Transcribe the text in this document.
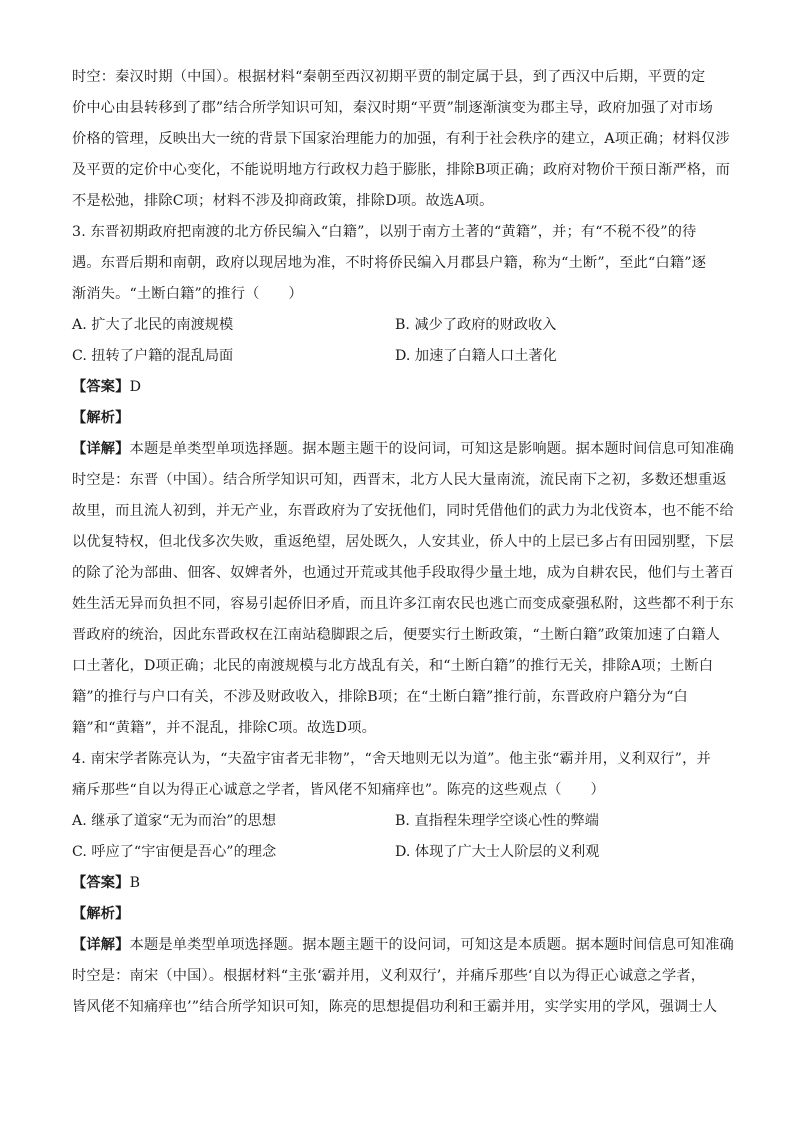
时空：秦汉时期（中国）。根据材料“秦朝至西汉初期平贾的制定属于县，到了西汉中后期，平贾的定
价中心由县转移到了郡”结合所学知识可知，秦汉时期“平贾”制逐渐演变为郡主导，政府加强了对市场
价格的管理，反映出大一统的背景下国家治理能力的加强，有利于社会秩序的建立，A项正确；材料仅涉
及平贾的定价中心变化，不能说明地方行政权力趋于膨胀，排除B项正确；政府对物价干预日渐严格，而
不是松弛，排除C项；材料不涉及抑商政策，排除D项。故选A项。
3. 东晋初期政府把南渡的北方侨民编入“白籍”，以别于南方土著的“黄籍”，并；有“不税不役”的待
遇。东晋后期和南朝，政府以现居地为准，不时将侨民编入月郡县户籍，称为“土断”，至此“白籍”逐
渐消失。“土断白籍”的推行（　　）
A. 扩大了北民的南渡规模	B. 减少了政府的财政收入
C. 扭转了户籍的混乱局面	D. 加速了白籍人口土著化
【答案】D
【解析】
【详解】本题是单类型单项选择题。据本题主题干的设问词，可知这是影响题。据本题时间信息可知准确
时空是：东晋（中国）。结合所学知识可知，西晋末，北方人民大量南流，流民南下之初，多数还想重返
故里，而且流人初到，并无产业，东晋政府为了安抚他们，同时凭借他们的武力为北伐资本，也不能不给
以优复特权，但北伐多次失败，重返绝望，居处既久，人安其业，侨人中的上层已多占有田园别墅，下层
的除了沦为部曲、佃客、奴婢者外，也通过开荒或其他手段取得少量土地，成为自耕农民，他们与土著百
姓生活无异而负担不同，容易引起侨旧矛盾，而且许多江南农民也逃亡而变成豪强私附，这些都不利于东
晋政府的统治，因此东晋政权在江南站稳脚跟之后，便要实行土断政策，“土断白籍”政策加速了白籍人
口土著化，D项正确；北民的南渡规模与北方战乱有关，和“土断白籍”的推行无关，排除A项；土断白
籍”的推行与户口有关，不涉及财政收入，排除B项；在“土断白籍”推行前，东晋政府户籍分为“白
籍”和“黄籍”，并不混乱，排除C项。故选D项。
4. 南宋学者陈亮认为，“夫盈宇宙者无非物”，“舍天地则无以为道”。他主张“霸并用，义利双行”，并
痛斥那些“自以为得正心诚意之学者，皆风佬不知痛痒也”。陈亮的这些观点（　　）
A. 继承了道家“无为而治”的思想	B. 直指程朱理学空谈心性的弊端
C. 呼应了“宇宙便是吾心”的理念	D. 体现了广大士人阶层的义利观
【答案】B
【解析】
【详解】本题是单类型单项选择题。据本题主题干的设问词，可知这是本质题。据本题时间信息可知准确
时空是：南宋（中国）。根据材料“主张‘霸并用，义利双行’，并痛斥那些‘自以为得正心诚意之学者，
皆风佬不知痛痒也’”结合所学知识可知，陈亮的思想提倡功利和王霸并用，实学实用的学风，强调士人
